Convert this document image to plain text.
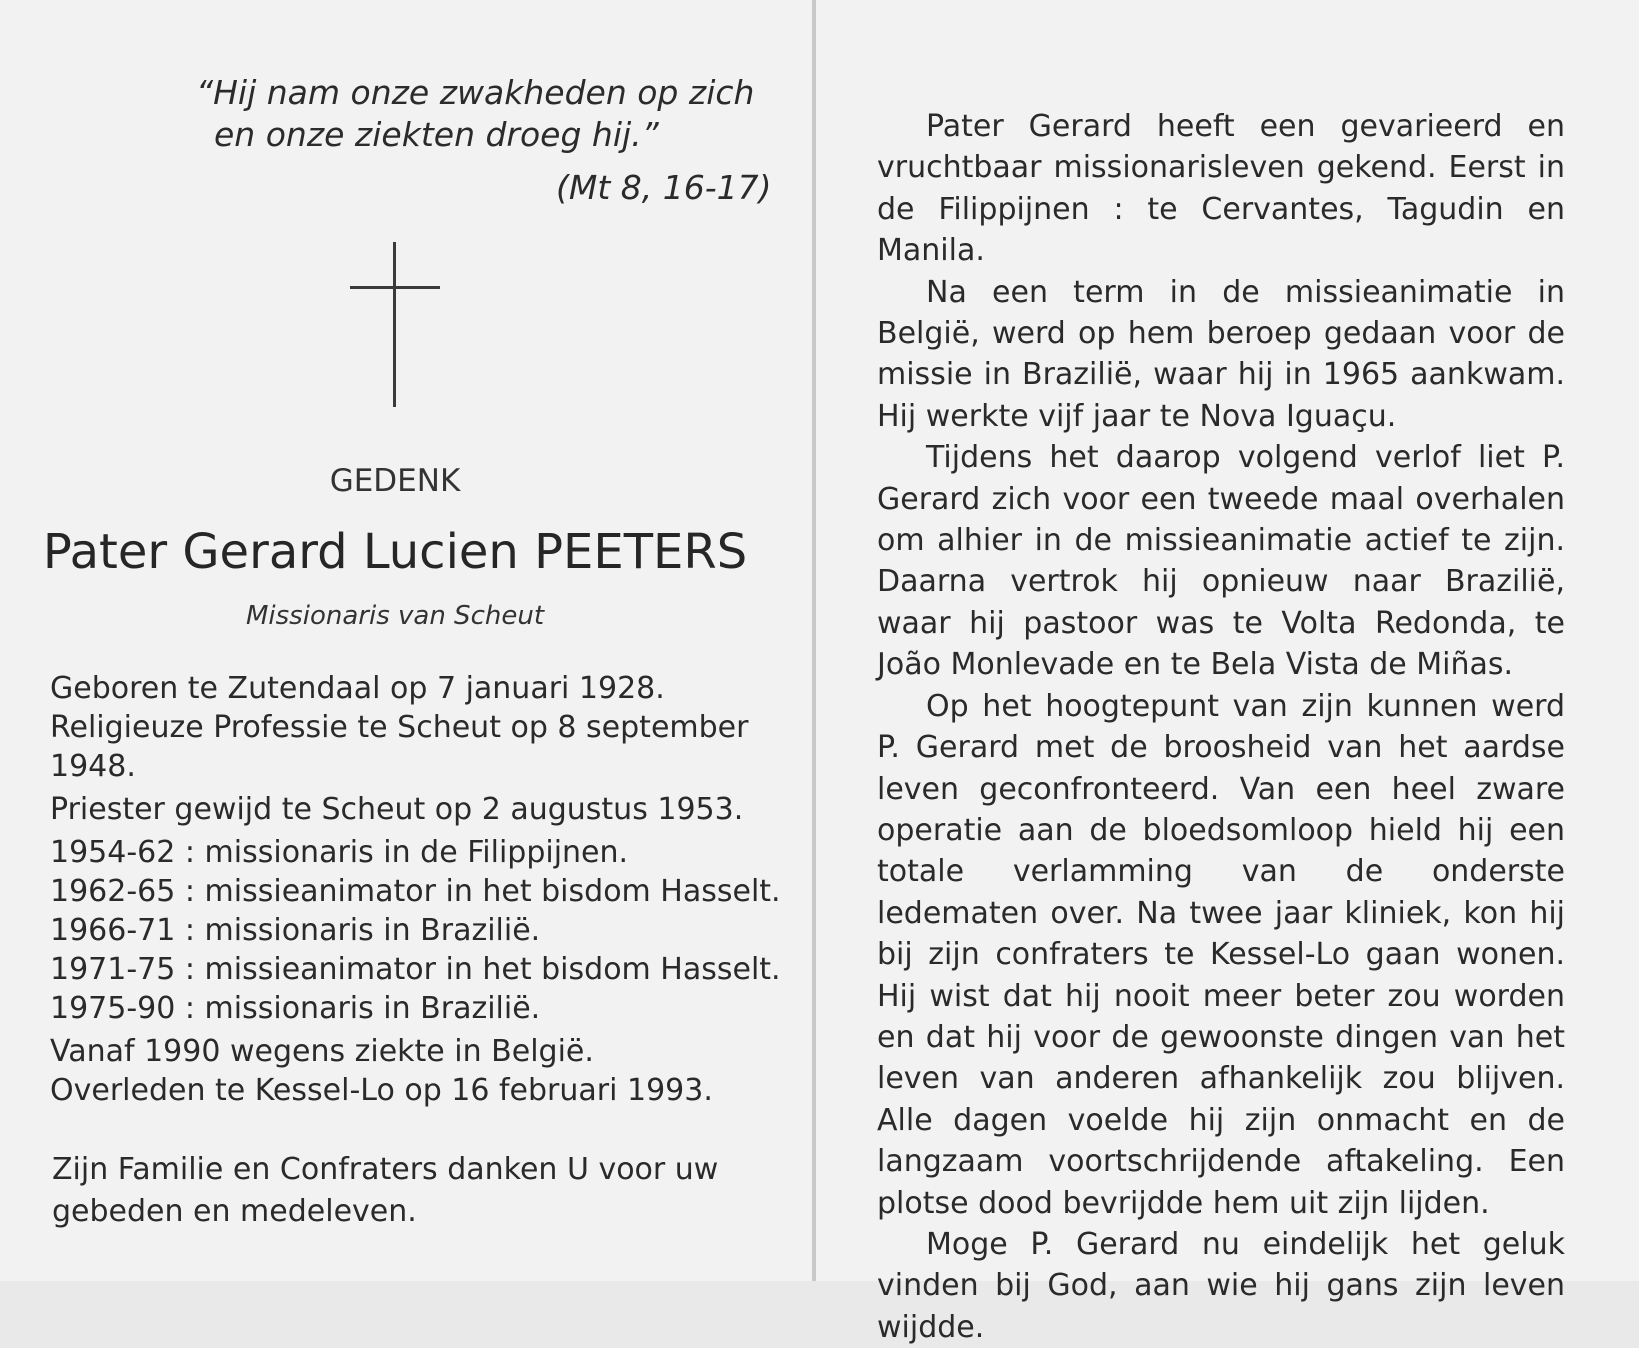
“Hij nam onze zwakheden op zich
en onze ziekten droeg hij.”
(Mt 8, 16-17)
GEDENK
Pater Gerard Lucien PEETERS
Missionaris van Scheut
Geboren te Zutendaal op 7 januari 1928.
Religieuze Professie te Scheut op 8 september
1948.
Priester gewijd te Scheut op 2 augustus 1953.
1954-62 : missionaris in de Filippijnen.
1962-65 : missieanimator in het bisdom Hasselt.
1966-71 : missionaris in Brazilië.
1971-75 : missieanimator in het bisdom Hasselt.
1975-90 : missionaris in Brazilië.
Vanaf 1990 wegens ziekte in België.
Overleden te Kessel-Lo op 16 februari 1993.
Zijn Familie en Confraters danken U voor uw
gebeden en medeleven.

Pater Gerard heeft een gevarieerd en vruchtbaar missionarisleven gekend. Eerst in de Filippijnen : te Cervantes, Tagudin en Manila.

Na een term in de missieanimatie in België, werd op hem beroep gedaan voor de missie in Brazilië, waar hij in 1965 aankwam. Hij werkte vijf jaar te Nova Iguaçu.

Tijdens het daarop volgend verlof liet P. Gerard zich voor een tweede maal overhalen om alhier in de missieanimatie actief te zijn. Daarna vertrok hij opnieuw naar Brazilië, waar hij pastoor was te Volta Redonda, te João Monlevade en te Bela Vista de Miñas.

Op het hoogtepunt van zijn kunnen werd P. Gerard met de broosheid van het aardse leven geconfronteerd. Van een heel zware operatie aan de bloedsomloop hield hij een totale verlamming van de onderste ledematen over. Na twee jaar kliniek, kon hij bij zijn confraters te Kessel-Lo gaan wonen. Hij wist dat hij nooit meer beter zou worden en dat hij voor de gewoonste dingen van het leven van anderen afhankelijk zou blijven. Alle dagen voelde hij zijn onmacht en de langzaam voortschrijdende aftakeling. Een plotse dood bevrijdde hem uit zijn lijden.

Moge P. Gerard nu eindelijk het geluk vinden bij God, aan wie hij gans zijn leven wijdde.
